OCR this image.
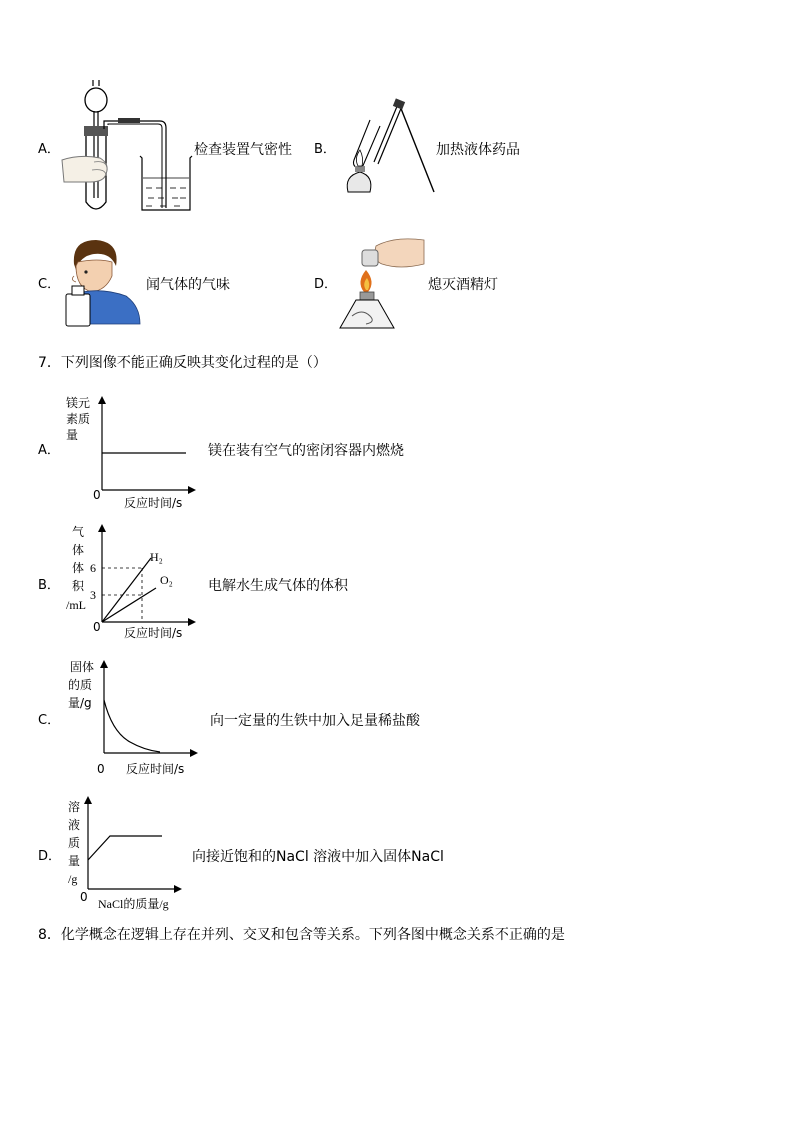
A．	检查装置气密性 B．	加热液体药品
C．	闻气体的气味	D．	熄灭酒精灯
7．下列图像不能正确反映其变化过程的是（）
A．
镁元
素质
量
0
反应时间/s
镁在装有空气的密闭容器内燃烧
B．
气
体
体
积
/mL
6
3
H₂
O₂
0 反应时间/s
电解水生成气体的体积
C．
固体
的质
量/g
0 反应时间/s
向一定量的生铁中加入足量稀盐酸
D．
溶
液
质
量
/g
0 NaCl的质量/g
向接近饱和的NaCl 溶液中加入固体NaCl
8．化学概念在逻辑上存在并列、交叉和包含等关系。下列各图中概念关系不正确的是
